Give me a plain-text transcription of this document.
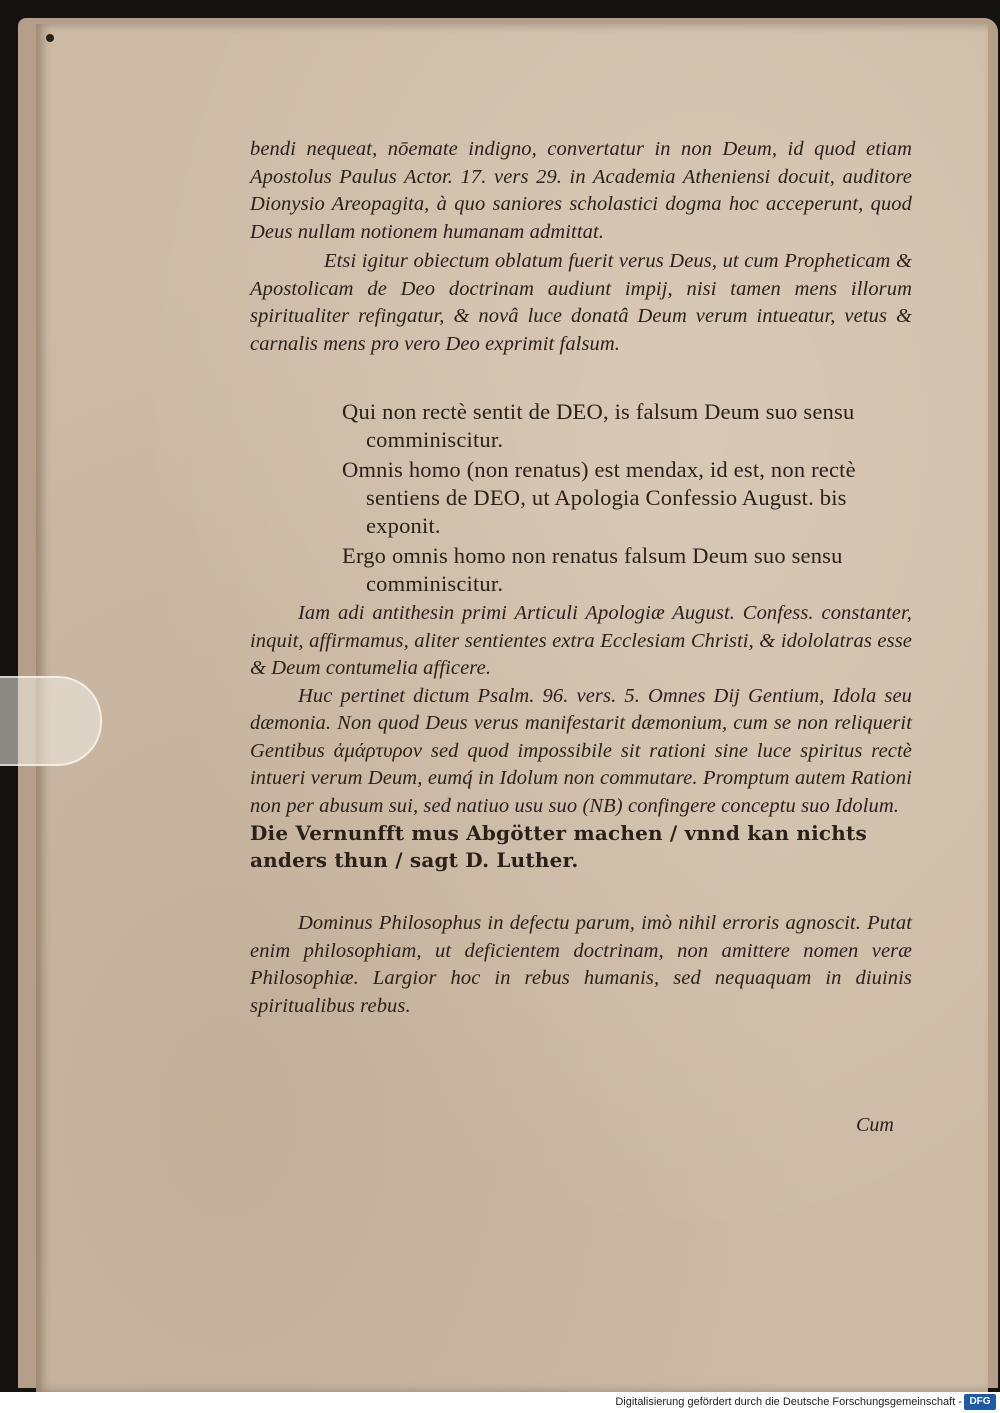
bendi nequeat, nōemate indigno, convertatur in non Deum, id quod etiam Apostolus Paulus Actor. 17. vers 29. in Academia Atheniensi docuit, auditore Dionysio Areopagita, à quo saniores scholastici dogma hoc acceperunt, quod Deus nullam notionem humanam admittat.

Etsi igitur obiectum oblatum fuerit verus Deus, ut cum Propheticam & Apostolicam de Deo doctrinam audiunt impij, nisi tamen mens illorum spiritualiter refingatur, & novâ luce donatâ Deum verum intueatur, vetus & carnalis mens pro vero Deo exprimit falsum.

Qui non rectè sentit de DEO, is falsum Deum suo sensu comminiscitur.
Omnis homo (non renatus) est mendax, id est, non rectè sentiens de DEO, ut Apologia Confessio August. bis exponit.
Ergo omnis homo non renatus falsum Deum suo sensu comminiscitur.

Iam adi antithesin primi Articuli Apologiæ August. Confess. constanter, inquit, affirmamus, aliter sentientes extra Ecclesiam Christi, & idololatras esse & Deum contumelia afficere.

Huc pertinet dictum Psalm. 96. vers. 5. Omnes Dij Gentium, Idola seu dæmonia. Non quod Deus verus manifestarit dæmonium, cum se non reliquerit Gentibus ἀμάρτυρον sed quod impossibile sit rationi sine luce spiritus rectè intueri verum Deum, eumq́ in Idolum non commutare. Promptum autem Rationi non per abusum sui, sed natiuo usu suo (NB) confingere conceptu suo Idolum.

Die Vernunfft mus Abgötter machen / vnnd kan nichts anders thun / sagt D. Luther.

Dominus Philosophus in defectu parum, imò nihil erroris agnoscit. Putat enim philosophiam, ut deficientem doctrinam, non amittere nomen veræ Philosophiæ. Largior hoc in rebus humanis, sed nequaquam in diuinis spiritualibus rebus.

Cum
Digitalisierung gefördert durch die Deutsche Forschungsgemeinschaft - DFG
